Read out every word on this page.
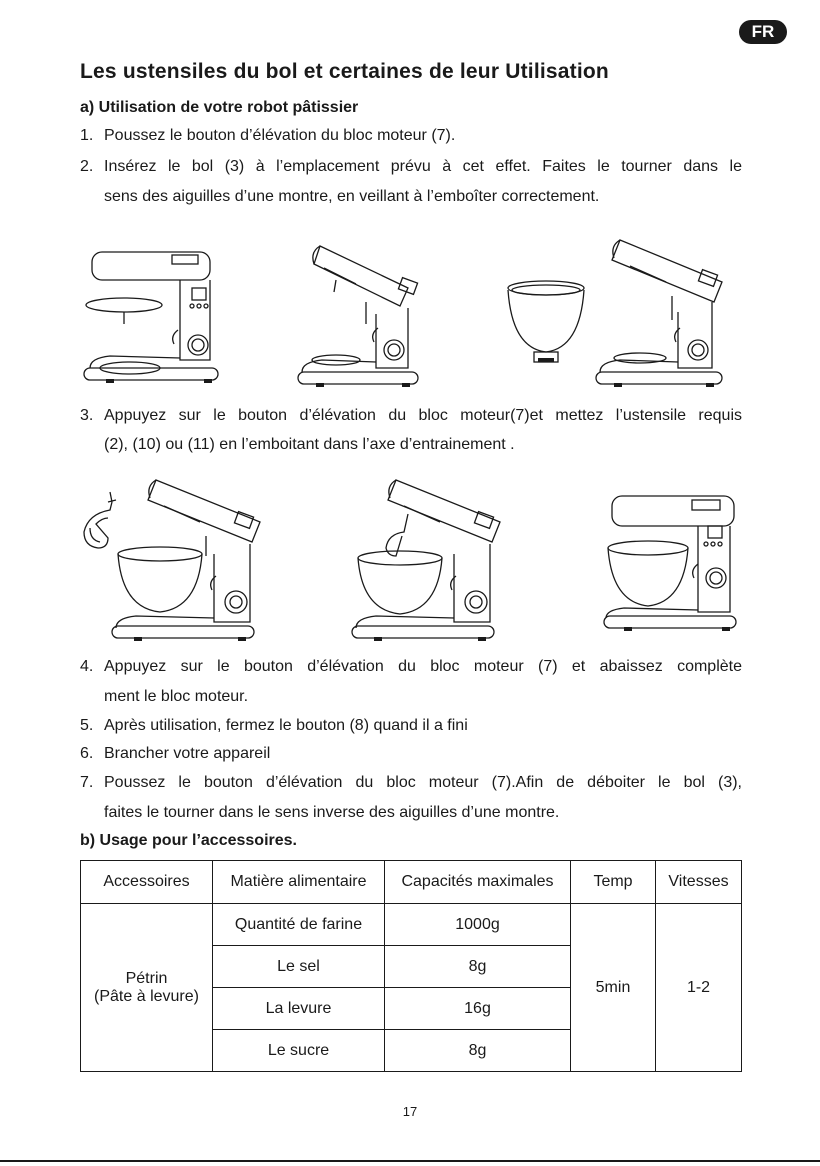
FR
Les ustensiles du bol et certaines de leur Utilisation
a) Utilisation de votre robot pâtissier

1. Poussez le bouton d’élévation du bloc moteur (7).

2. Insérez le bol (3) à l’emplacement prévu à cet effet. Faites le tourner dans le

sens des aiguilles d’une montre, en veillant à l’emboîter correctement.

3. Appuyez sur le bouton d’élévation du bloc moteur(7)et mettez l’ustensile requis

(2), (10) ou (11) en l’emboitant dans l’axe d’entrainement .

4. Appuyez sur le bouton d’élévation du bloc moteur (7) et abaissez complète

ment le bloc moteur.

5. Après utilisation, fermez le bouton (8) quand il a fini

6. Brancher votre appareil

7. Poussez le bouton d’élévation du bloc moteur (7).Afin de déboiter le bol (3),

faites le tourner dans le sens inverse des aiguilles d’une montre.

b) Usage pour l’accessoires.
Accessoires	Matière alimentaire	Capacités maximales	Temp	Vitesses

Pétrin
(Pâte à levure)	Quantité de farine	1000g	5min	1-2
	Le sel	8g		
	La levure	16g		
	Le sucre	8g		
17
